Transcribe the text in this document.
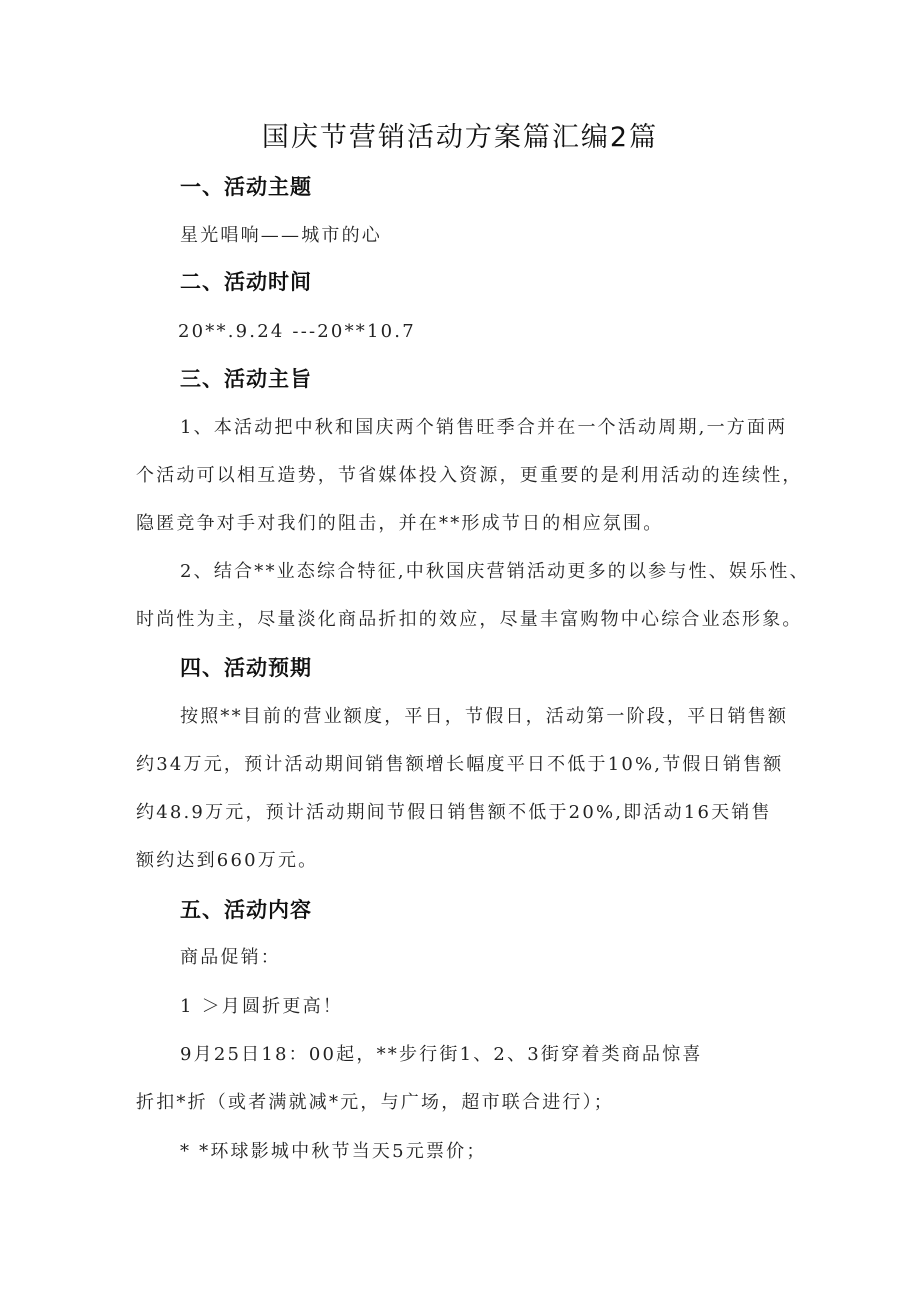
国庆节营销活动方案篇汇编2篇
一、活动主题
星光唱响——城市的心
二、活动时间
20**.9.24 ---20**10.7
三、活动主旨
1、本活动把中秋和国庆两个销售旺季合并在一个活动周期,一方面两
个活动可以相互造势，节省媒体投入资源，更重要的是利用活动的连续性，
隐匿竞争对手对我们的阻击，并在**形成节日的相应氛围。
2、结合**业态综合特征,中秋国庆营销活动更多的以参与性、娱乐性、
时尚性为主，尽量淡化商品折扣的效应，尽量丰富购物中心综合业态形象。
四、活动预期
按照**目前的营业额度，平日，节假日，活动第一阶段，平日销售额
约34万元，预计活动期间销售额增长幅度平日不低于10%,节假日销售额
约48.9万元，预计活动期间节假日销售额不低于20%,即活动16天销售
额约达到660万元。
五、活动内容
商品促销：
1 ＞月圆折更高！
9月25日18：00起，**步行街1、2、3街穿着类商品惊喜
折扣*折（或者满就减*元，与广场，超市联合进行）；
* *环球影城中秋节当天5元票价；
